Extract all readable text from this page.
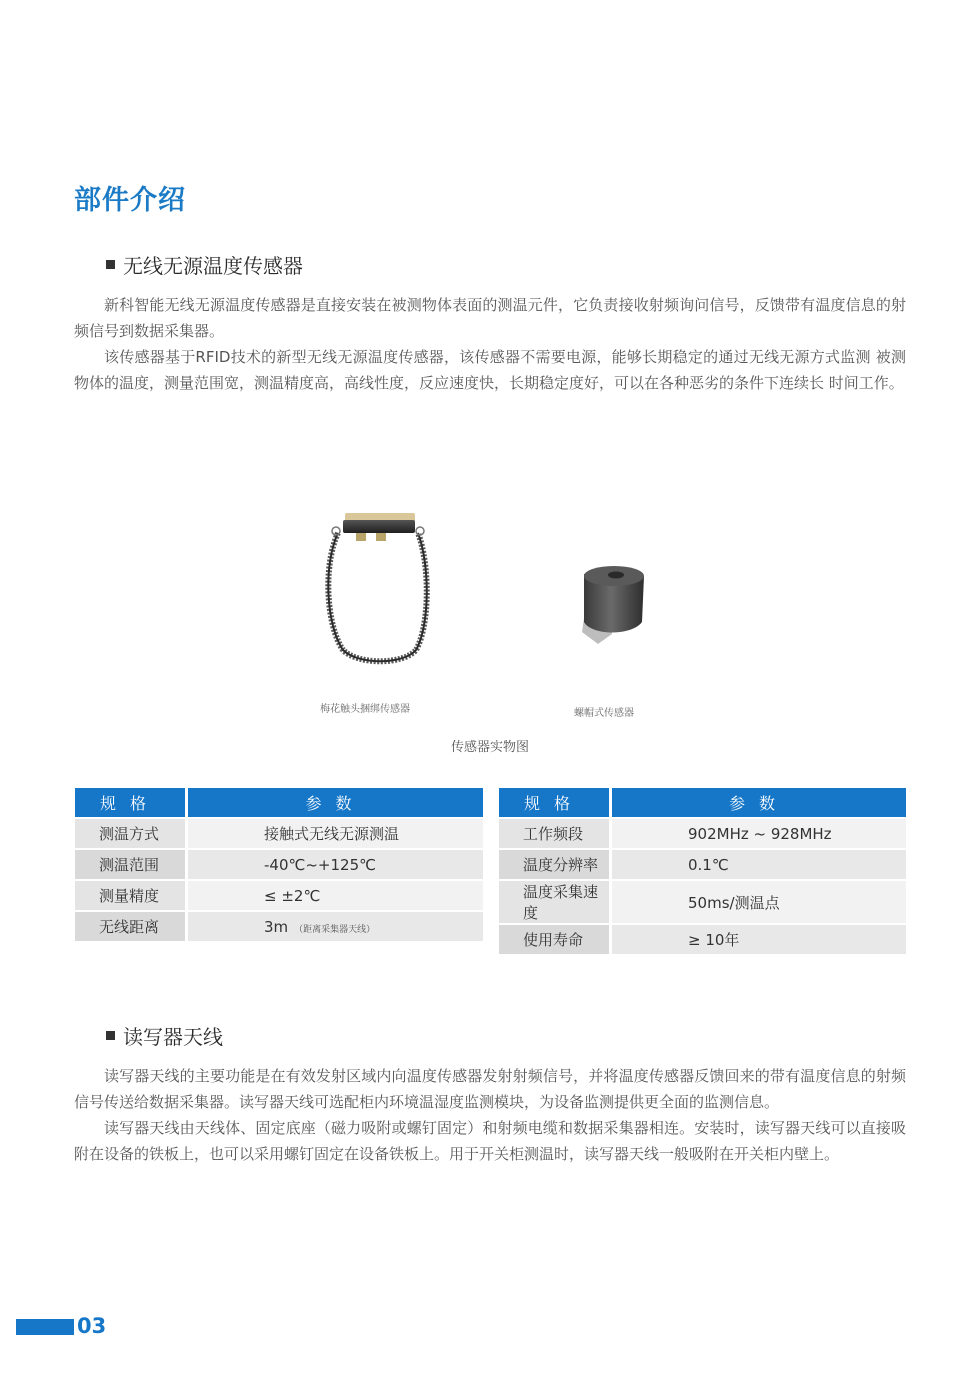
部件介绍
无线无源温度传感器

新科智能无线无源温度传感器是直接安装在被测物体表面的测温元件，它负责接收射频询问信号，反馈带有温度信息的射频信号到数据采集器。

该传感器基于RFID技术的新型无线无源温度传感器，该传感器不需要电源，能够长期稳定的通过无线无源方式监测 被测物体的温度，测量范围宽，测温精度高，高线性度，反应速度快，长期稳定度好，可以在各种恶劣的条件下连续长 时间工作。

梅花触头捆绑传感器	螺帽式传感器
传感器实物图
规格	参数
测温方式	接触式无线无源测温
测温范围	-40℃~+125℃
测量精度	≤ ±2℃
无线距离	3m （距离采集器天线）
规格	参数
工作频段	902MHz ~ 928MHz
温度分辨率	0.1℃
温度采集速度	50ms/测温点
使用寿命	≥ 10年
读写器天线

读写器天线的主要功能是在有效发射区域内向温度传感器发射射频信号，并将温度传感器反馈回来的带有温度信息的射频信号传送给数据采集器。读写器天线可选配柜内环境温湿度监测模块，为设备监测提供更全面的监测信息。

读写器天线由天线体、固定底座（磁力吸附或螺钉固定）和射频电缆和数据采集器相连。安装时，读写器天线可以直接吸附在设备的铁板上，也可以采用螺钉固定在设备铁板上。用于开关柜测温时，读写器天线一般吸附在开关柜内壁上。

03
